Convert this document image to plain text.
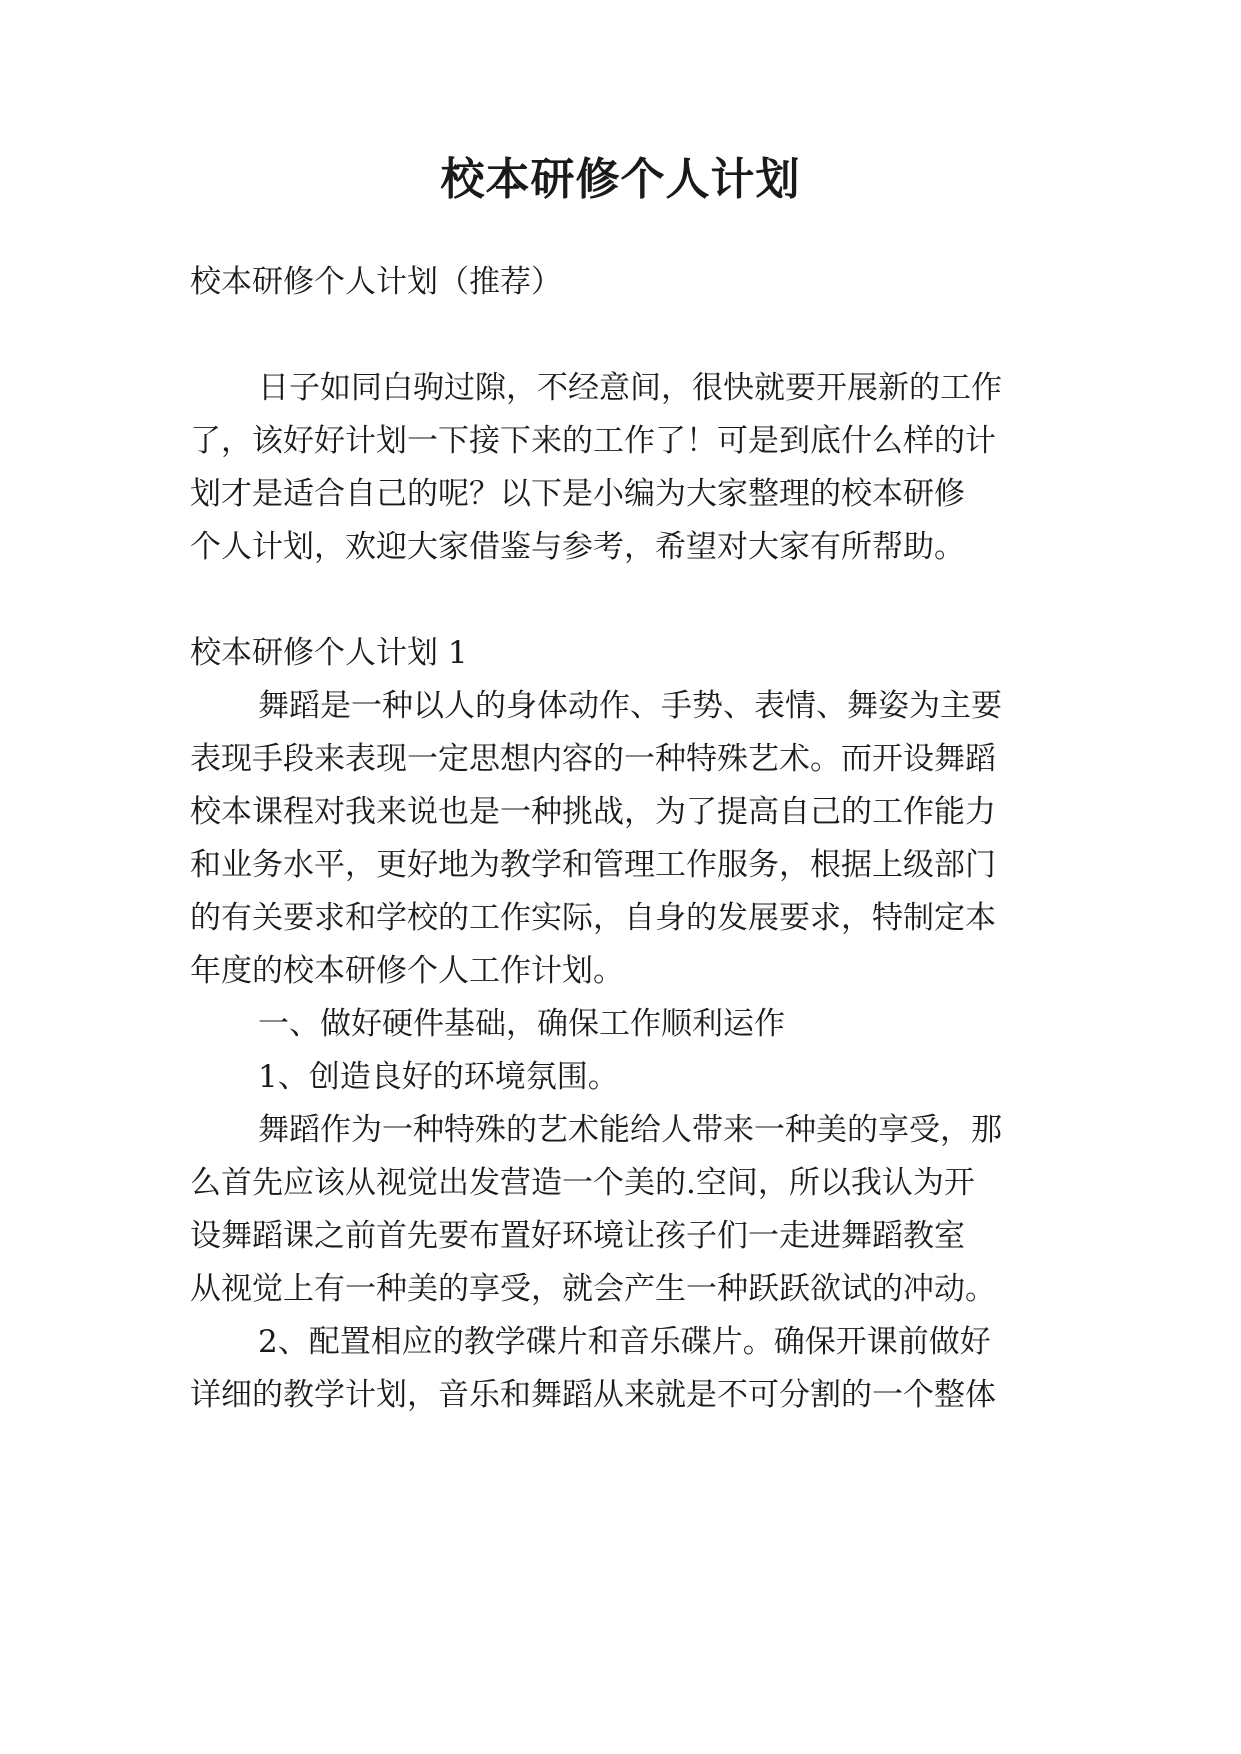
校本研修个人计划

校本研修个人计划（推荐）

日子如同白驹过隙，不经意间，很快就要开展新的工作

了，该好好计划一下接下来的工作了！可是到底什么样的计

划才是适合自己的呢？以下是小编为大家整理的校本研修

个人计划，欢迎大家借鉴与参考，希望对大家有所帮助。

校本研修个人计划 1

舞蹈是一种以人的身体动作、手势、表情、舞姿为主要

表现手段来表现一定思想内容的一种特殊艺术。而开设舞蹈

校本课程对我来说也是一种挑战，为了提高自己的工作能力

和业务水平，更好地为教学和管理工作服务，根据上级部门

的有关要求和学校的工作实际，自身的发展要求，特制定本

年度的校本研修个人工作计划。

一、做好硬件基础，确保工作顺利运作

1、创造良好的环境氛围。

舞蹈作为一种特殊的艺术能给人带来一种美的享受，那

么首先应该从视觉出发营造一个美的.空间，所以我认为开

设舞蹈课之前首先要布置好环境让孩子们一走进舞蹈教室

从视觉上有一种美的享受，就会产生一种跃跃欲试的冲动。

2、配置相应的教学碟片和音乐碟片。确保开课前做好

详细的教学计划，音乐和舞蹈从来就是不可分割的一个整体
